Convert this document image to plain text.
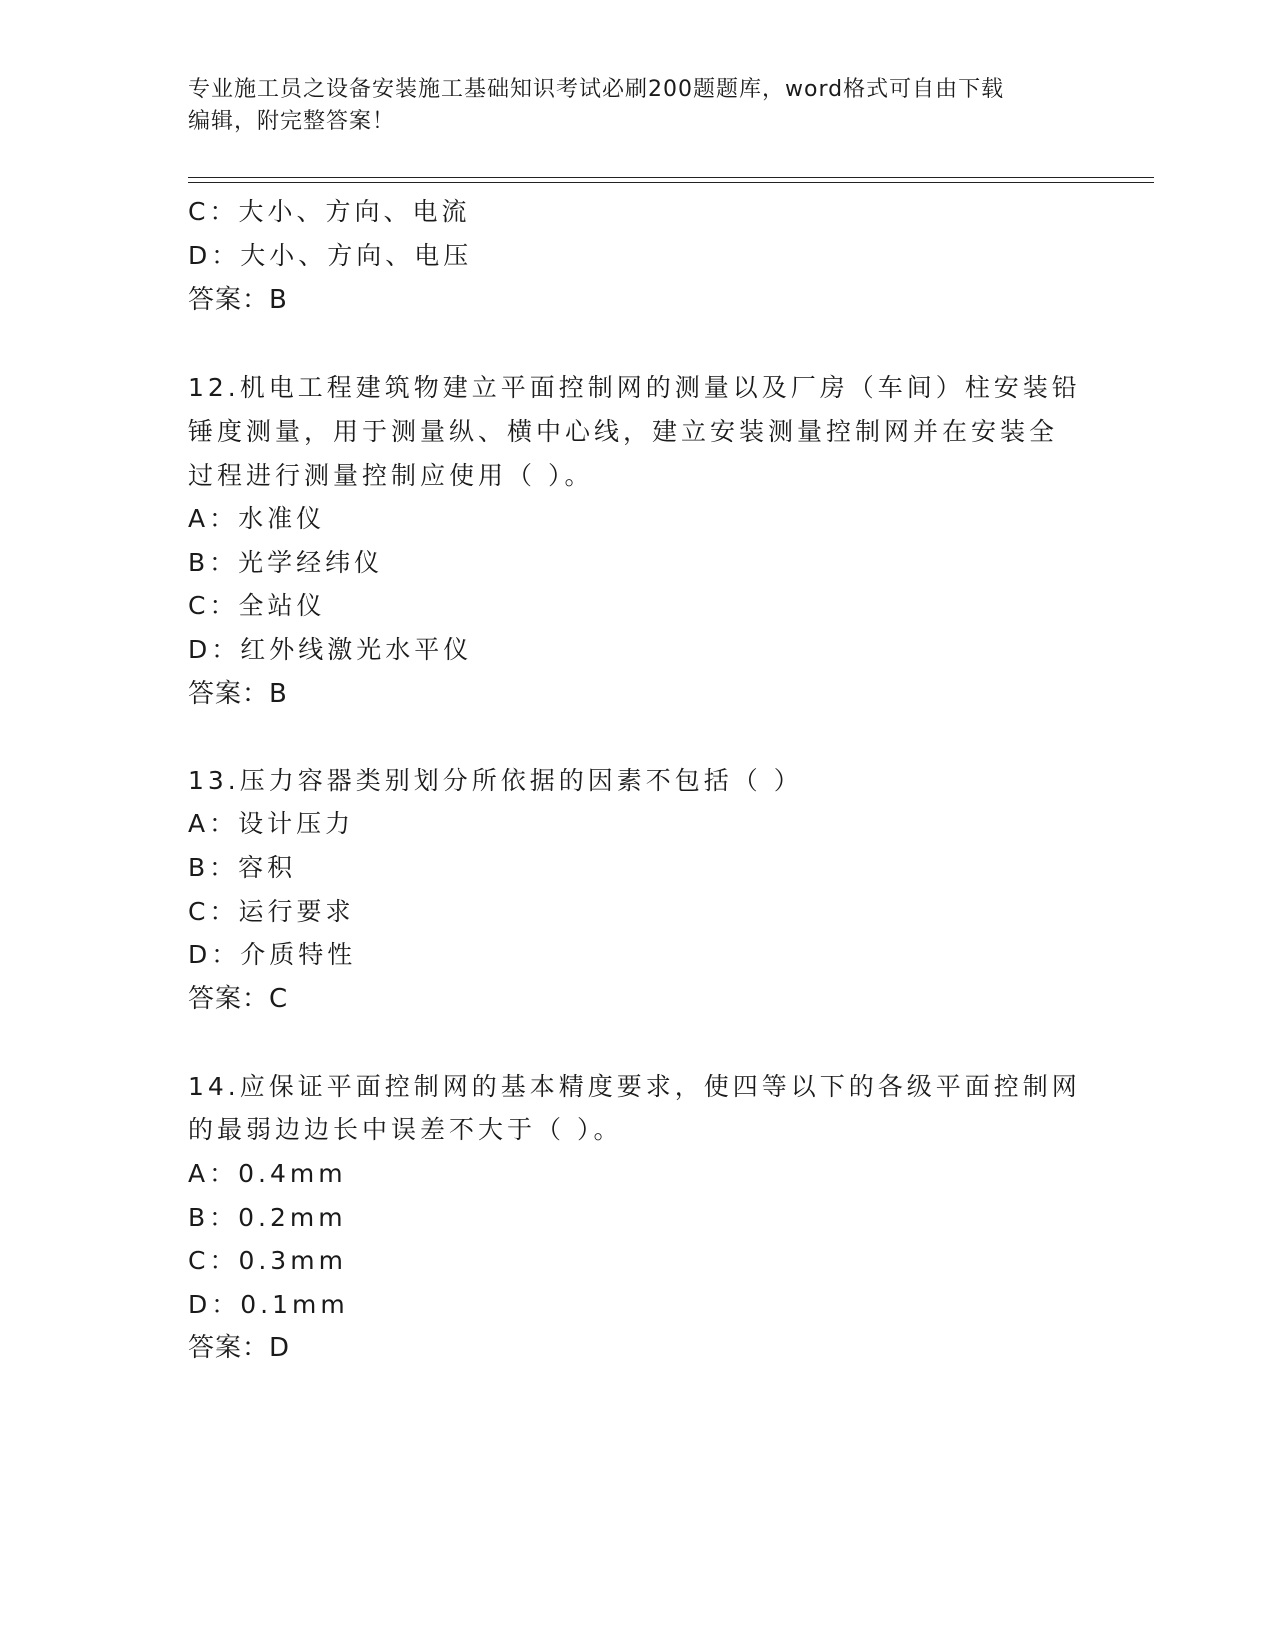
专业施工员之设备安装施工基础知识考试必刷200题题库，word格式可自由下载
编辑，附完整答案！
C：大小、方向、电流
D：大小、方向、电压
答案：B
12.机电工程建筑物建立平面控制网的测量以及厂房（车间）柱安装铅
锤度测量，用于测量纵、横中心线，建立安装测量控制网并在安装全
过程进行测量控制应使用（ ）。
A：水准仪
B：光学经纬仪
C：全站仪
D：红外线激光水平仪
答案：B
13.压力容器类别划分所依据的因素不包括（ ）
A：设计压力
B：容积
C：运行要求
D：介质特性
答案：C
14.应保证平面控制网的基本精度要求，使四等以下的各级平面控制网
的最弱边边长中误差不大于（ ）。
A：0.4mm
B：0.2mm
C：0.3mm
D：0.1mm
答案：D
